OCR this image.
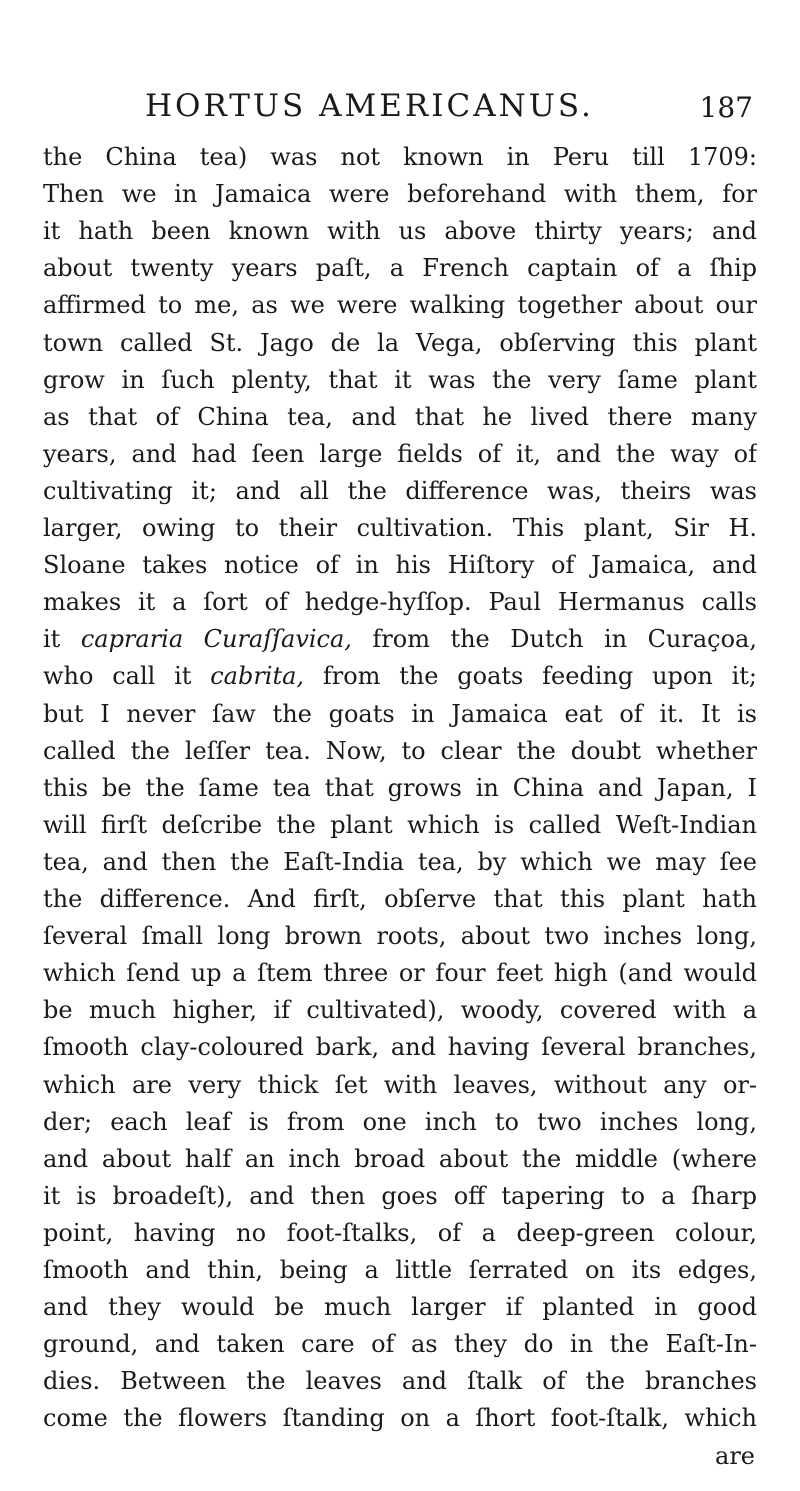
HORTUS AMERICANUS.	187
the China tea) was not known in Peru till 1709:
Then we in Jamaica were beforehand with them, for
it hath been known with us above thirty years; and
about twenty years paſt, a French captain of a ſhip
affirmed to me, as we were walking together about our
town called St. Jago de la Vega, obſerving this plant
grow in ſuch plenty, that it was the very ſame plant
as that of China tea, and that he lived there many
years, and had ſeen large fields of it, and the way of
cultivating it; and all the difference was, theirs was
larger, owing to their cultivation. This plant, Sir H.
Sloane takes notice of in his Hiſtory of Jamaica, and
makes it a ſort of hedge-hyſſop. Paul Hermanus calls
it capraria Curaſſavica, from the Dutch in Curaçoa,
who call it cabrita, from the goats feeding upon it;
but I never ſaw the goats in Jamaica eat of it. It is
called the leſſer tea. Now, to clear the doubt whether
this be the ſame tea that grows in China and Japan, I
will firſt deſcribe the plant which is called Weſt-Indian
tea, and then the Eaſt-India tea, by which we may ſee
the difference. And firſt, obſerve that this plant hath
ſeveral ſmall long brown roots, about two inches long,
which ſend up a ſtem three or four feet high (and would
be much higher, if cultivated), woody, covered with a
ſmooth clay-coloured bark, and having ſeveral branches,
which are very thick ſet with leaves, without any or-
der; each leaf is from one inch to two inches long,
and about half an inch broad about the middle (where
it is broadeſt), and then goes off tapering to a ſharp
point, having no foot-ſtalks, of a deep-green colour,
ſmooth and thin, being a little ſerrated on its edges,
and they would be much larger if planted in good
ground, and taken care of as they do in the Eaſt-In-
dies. Between the leaves and ſtalk of the branches
come the flowers ſtanding on a ſhort foot-ſtalk, which
are
